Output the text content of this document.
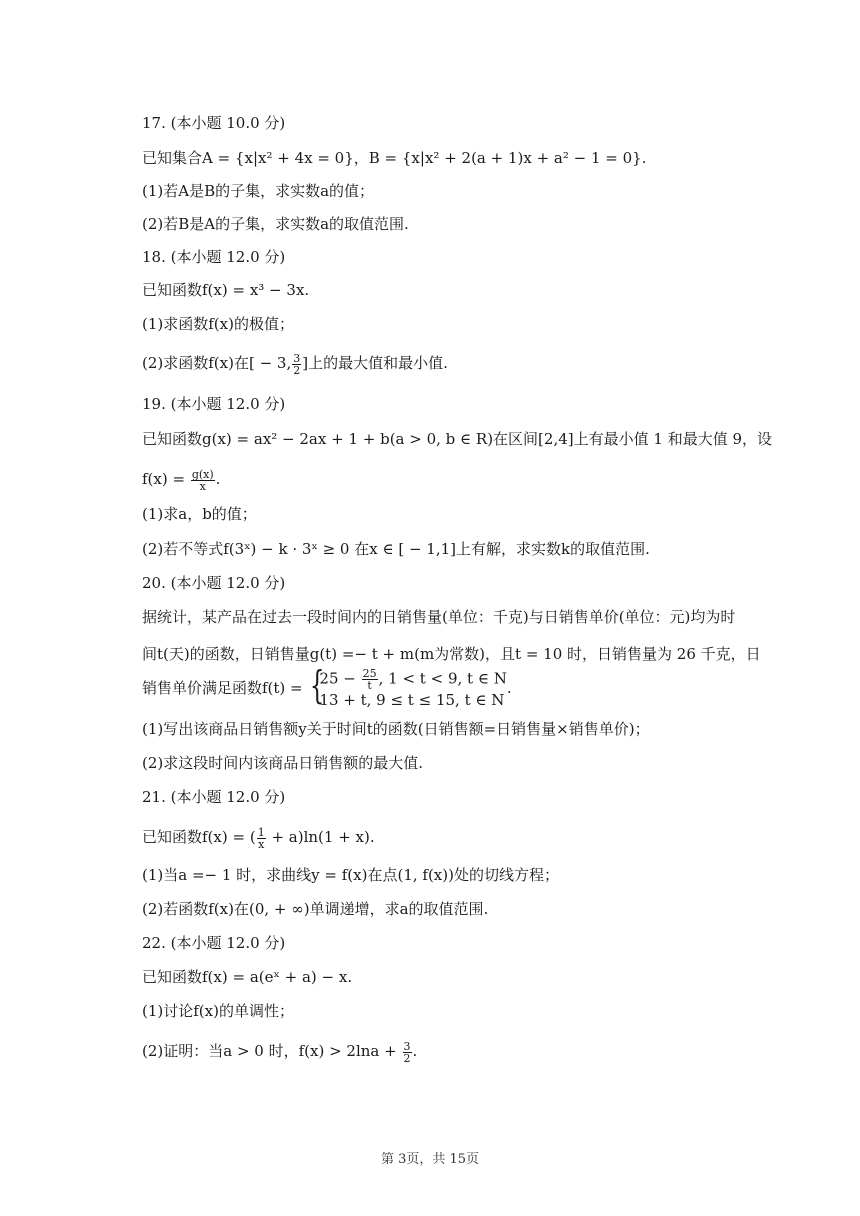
17. (本小题 10.0 分)
已知集合A = {x|x² + 4x = 0}，B = {x|x² + 2(a + 1)x + a² − 1 = 0}.
(1)若A是B的子集，求实数a的值；
(2)若B是A的子集，求实数a的取值范围.
18. (本小题 12.0 分)
已知函数f(x) = x³ − 3x.
(1)求函数f(x)的极值；
19. (本小题 12.0 分)
已知函数g(x) = ax² − 2ax + 1 + b(a > 0, b ∈ R)在区间[2,4]上有最小值 1 和最大值 9，设
(1)求a，b的值；
(2)若不等式f(3ˣ) − k · 3ˣ ≥ 0 在x ∈ [ − 1,1]上有解，求实数k的取值范围.
20. (本小题 12.0 分)
据统计，某产品在过去一段时间内的日销售量(单位：千克)与日销售单价(单位：元)均为时
间t(天)的函数，日销售量g(t) =− t + m(m为常数)，且t = 10 时，日销售量为 26 千克，日
(1)写出该商品日销售额y关于时间t的函数(日销售额=日销售量×销售单价)；
(2)求这段时间内该商品日销售额的最大值.
21. (本小题 12.0 分)
(1)当a =− 1 时，求曲线y = f(x)在点(1, f(x))处的切线方程；
(2)若函数f(x)在(0, + ∞)单调递增，求a的取值范围.
22. (本小题 12.0 分)
已知函数f(x) = a(eˣ + a) − x.
(1)讨论f(x)的单调性；
(2)求函数f(x)在[ − 3, $\frac{3}{2}$ ]上的最大值和最小值.
$f(x) = \frac{g(x)}{x}$ .
销售单价满足函数f(t) =
{ $25 - \frac{25}{t}$ , 1 < t < 9, t ∈ N
13 + t, 9 ≤ t ≤ 15, t ∈ N
.
已知函数f(x) = ( $\frac{1}{x} + a)\ln(1 + x)$.
(2)证明：当a > 0 时，$f(x) > 2\ln a + \frac{3}{2}$ .
第 3页，共 15页
